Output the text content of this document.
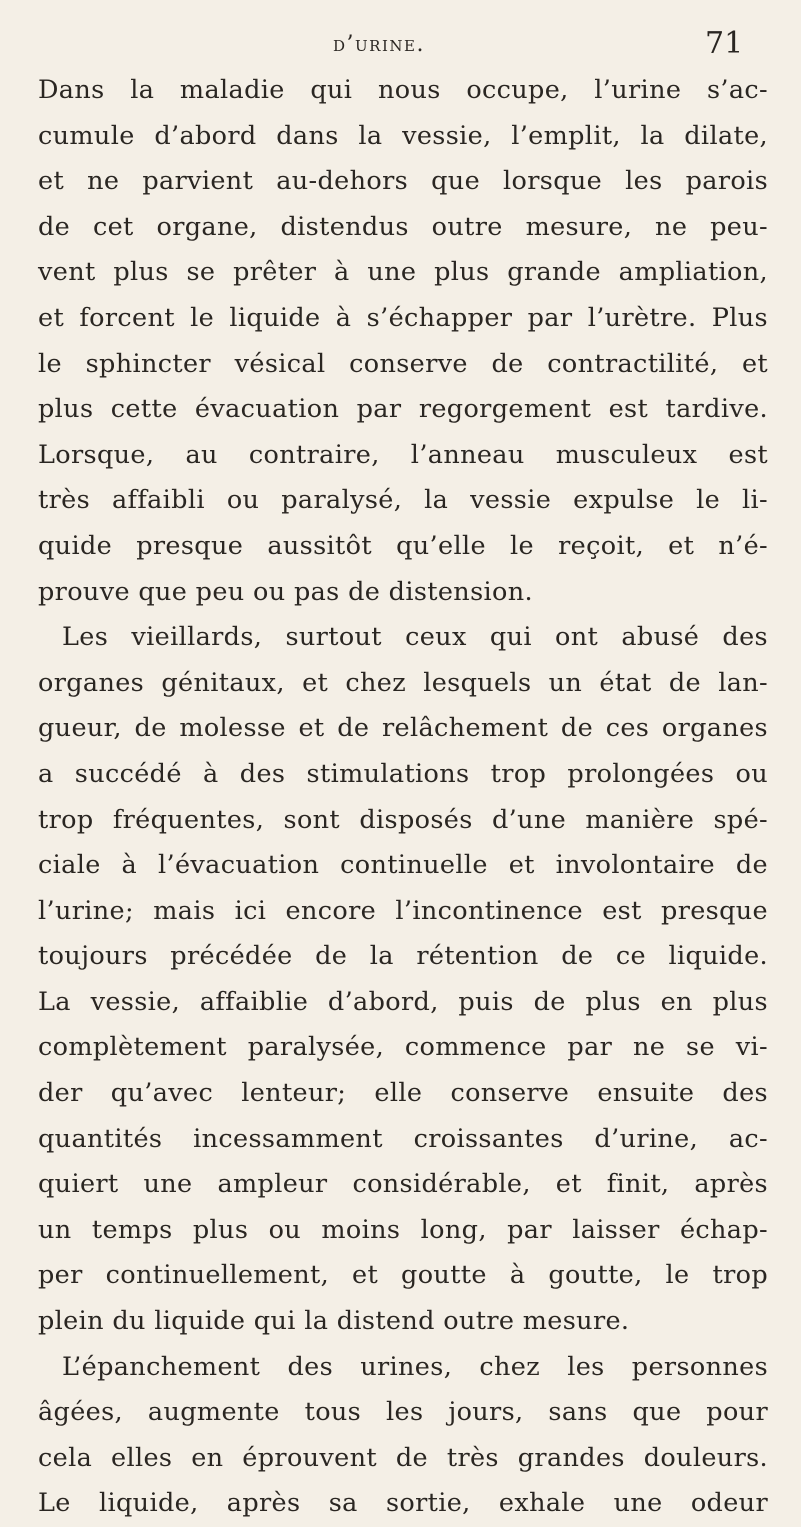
d’urine.	71
Dans la maladie qui nous occupe, l’urine s’ac-
cumule d’abord dans la vessie, l’emplit, la dilate,
et ne parvient au-dehors que lorsque les parois
de cet organe, distendus outre mesure, ne peu-
vent plus se prêter à une plus grande ampliation,
et forcent le liquide à s’échapper par l’urètre. Plus
le sphincter vésical conserve de contractilité, et
plus cette évacuation par regorgement est tardive.
Lorsque, au contraire, l’anneau musculeux est
très affaibli ou paralysé, la vessie expulse le li-
quide presque aussitôt qu’elle le reçoit, et n’é-
prouve que peu ou pas de distension.
Les vieillards, surtout ceux qui ont abusé des
organes génitaux, et chez lesquels un état de lan-
gueur, de molesse et de relâchement de ces organes
a succédé à des stimulations trop prolongées ou
trop fréquentes, sont disposés d’une manière spé-
ciale à l’évacuation continuelle et involontaire de
l’urine; mais ici encore l’incontinence est presque
toujours précédée de la rétention de ce liquide.
La vessie, affaiblie d’abord, puis de plus en plus
complètement paralysée, commence par ne se vi-
der qu’avec lenteur; elle conserve ensuite des
quantités incessamment croissantes d’urine, ac-
quiert une ampleur considérable, et finit, après
un temps plus ou moins long, par laisser échap-
per continuellement, et goutte à goutte, le trop
plein du liquide qui la distend outre mesure.
L’épanchement des urines, chez les personnes
âgées, augmente tous les jours, sans que pour
cela elles en éprouvent de très grandes douleurs.
Le liquide, après sa sortie, exhale une odeur
